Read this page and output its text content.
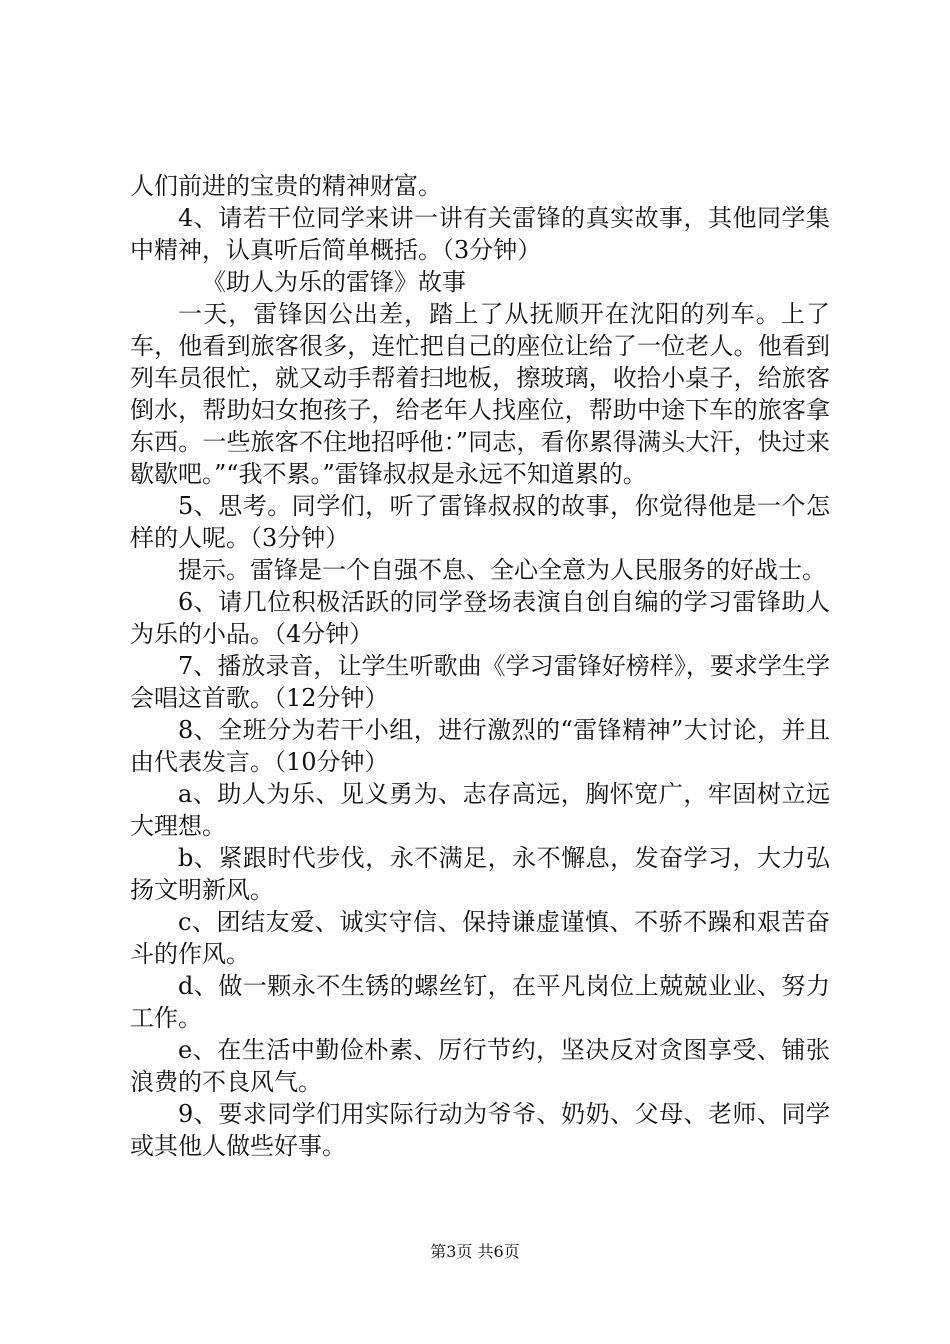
人们前进的宝贵的精神财富。

4、请若干位同学来讲一讲有关雷锋的真实故事，其他同学集中精神，认真听后简单概括。（3分钟）

《助人为乐的雷锋》故事

一天，雷锋因公出差，踏上了从抚顺开在沈阳的列车。上了车，他看到旅客很多，连忙把自己的座位让给了一位老人。他看到列车员很忙，就又动手帮着扫地板，擦玻璃，收拾小桌子，给旅客倒水，帮助妇女抱孩子，给老年人找座位，帮助中途下车的旅客拿东西。一些旅客不住地招呼他：”同志，看你累得满头大汗，快过来歇歇吧。”“我不累。”雷锋叔叔是永远不知道累的。

5、思考。同学们，听了雷锋叔叔的故事，你觉得他是一个怎样的人呢。（3分钟）

提示。雷锋是一个自强不息、全心全意为人民服务的好战士。

6、请几位积极活跃的同学登场表演自创自编的学习雷锋助人为乐的小品。（4分钟）

7、播放录音，让学生听歌曲《学习雷锋好榜样》，要求学生学会唱这首歌。（12分钟）

8、全班分为若干小组，进行激烈的“雷锋精神”大讨论，并且由代表发言。（10分钟）

a、助人为乐、见义勇为、志存高远，胸怀宽广，牢固树立远大理想。

b、紧跟时代步伐，永不满足，永不懈息，发奋学习，大力弘扬文明新风。

c、团结友爱、诚实守信、保持谦虚谨慎、不骄不躁和艰苦奋斗的作风。

d、做一颗永不生锈的螺丝钉，在平凡岗位上兢兢业业、努力工作。

e、在生活中勤俭朴素、厉行节约，坚决反对贪图享受、铺张浪费的不良风气。

9、要求同学们用实际行动为爷爷、奶奶、父母、老师、同学或其他人做些好事。

第3页 共6页
